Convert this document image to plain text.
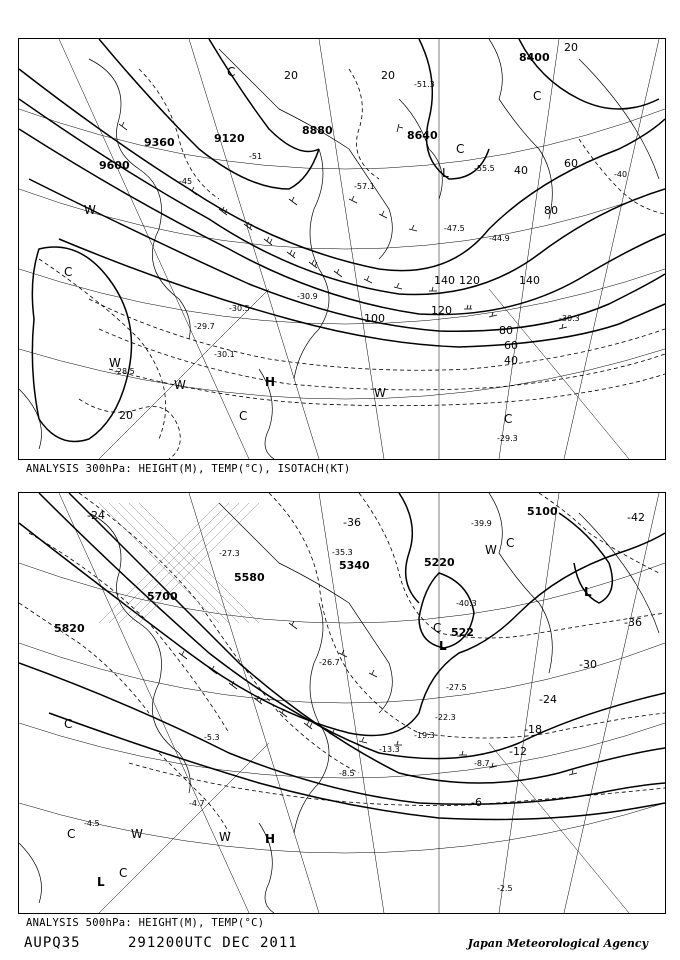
8400
8880
9120
9360
9600
8640
20
20
40
60
80
100
120
140
20
40
60
80
120	140
20
-30.1
-29.7
-28.5
-30.5
-30.9
-29.3
-30.3
-47.5
-44.9
-57.1
-55.5
-51.3
-45
-51
-40
C
C
W
C
W
W	H
C
W
C
L
C
ANALYSIS 300hPa: HEIGHT(M), TEMP(°C), ISOTACH(KT)
5100
5220
5340
5580
5700
5820	522
-42
-36
-36
-30
-24
-24
-18
-12
-6
-4.7
-4.5
-2.5
-5.3
-8.5
-13.3
-22.3
-27.5
-39.9
-40.3
-35.3
-27.3
-26.7
-19.3
-8.7
C
C	W	W	H
L
C
W
L
L
C
C
ANALYSIS 500hPa: HEIGHT(M), TEMP(°C)
AUPQ35	291200UTC DEC 2011	Japan Meteorological Agency
